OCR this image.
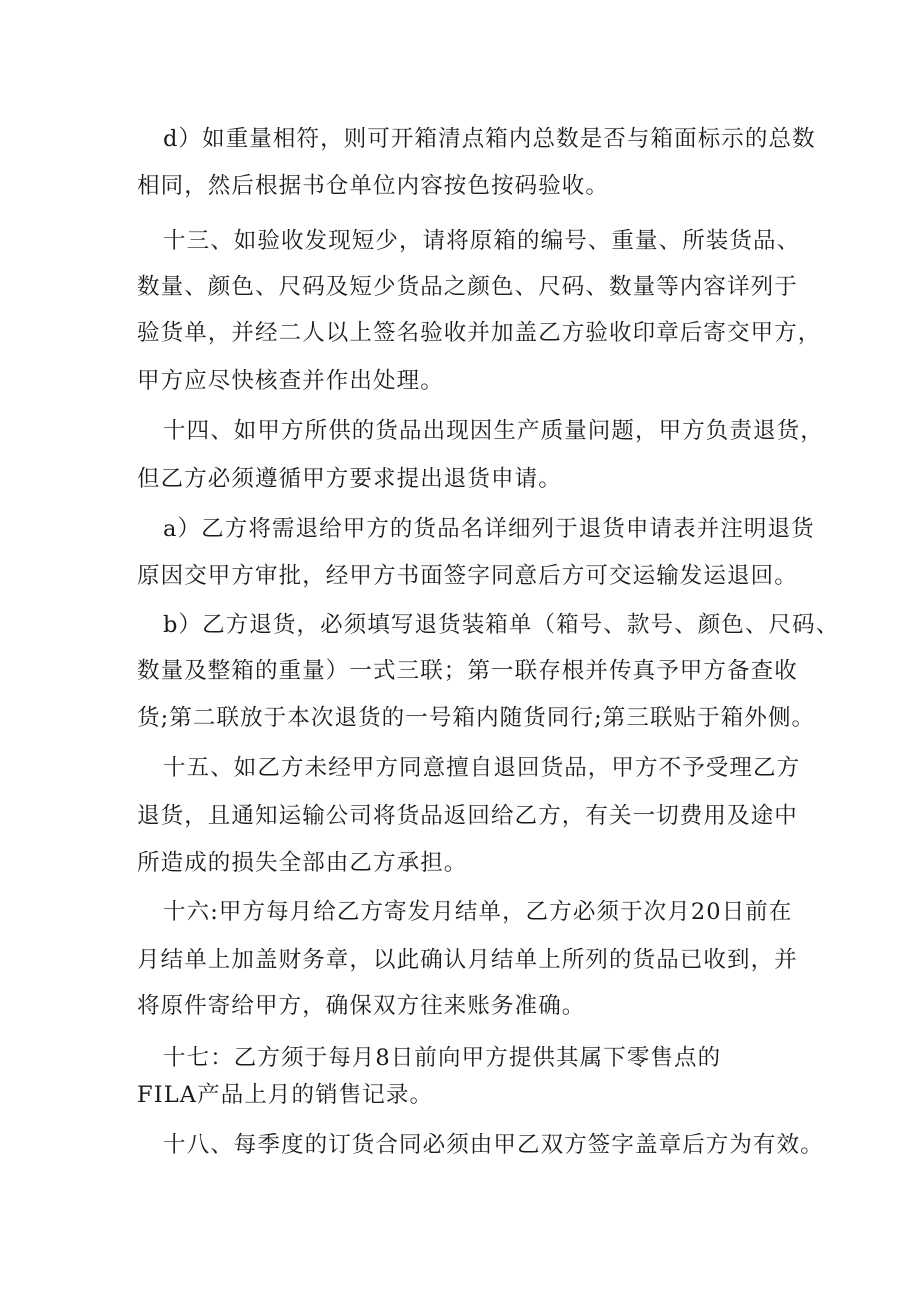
d）如重量相符，则可开箱清点箱内总数是否与箱面标示的总数
相同，然后根据书仓单位内容按色按码验收。
十三、如验收发现短少，请将原箱的编号、重量、所装货品、
数量、颜色、尺码及短少货品之颜色、尺码、数量等内容详列于
验货单，并经二人以上签名验收并加盖乙方验收印章后寄交甲方，
甲方应尽快核查并作出处理。
十四、如甲方所供的货品出现因生产质量问题，甲方负责退货，
但乙方必须遵循甲方要求提出退货申请。
a）乙方将需退给甲方的货品名详细列于退货申请表并注明退货
原因交甲方审批，经甲方书面签字同意后方可交运输发运退回。
b）乙方退货，必须填写退货装箱单（箱号、款号、颜色、尺码、
数量及整箱的重量）一式三联；第一联存根并传真予甲方备查收
货;第二联放于本次退货的一号箱内随货同行;第三联贴于箱外侧。
十五、如乙方未经甲方同意擅自退回货品，甲方不予受理乙方
退货，且通知运输公司将货品返回给乙方，有关一切费用及途中
所造成的损失全部由乙方承担。
十六:甲方每月给乙方寄发月结单，乙方必须于次月20日前在
月结单上加盖财务章，以此确认月结单上所列的货品已收到，并
将原件寄给甲方，确保双方往来账务准确。
十七：乙方须于每月8日前向甲方提供其属下零售点的
FILA产品上月的销售记录。
十八、每季度的订货合同必须由甲乙双方签字盖章后方为有效。
